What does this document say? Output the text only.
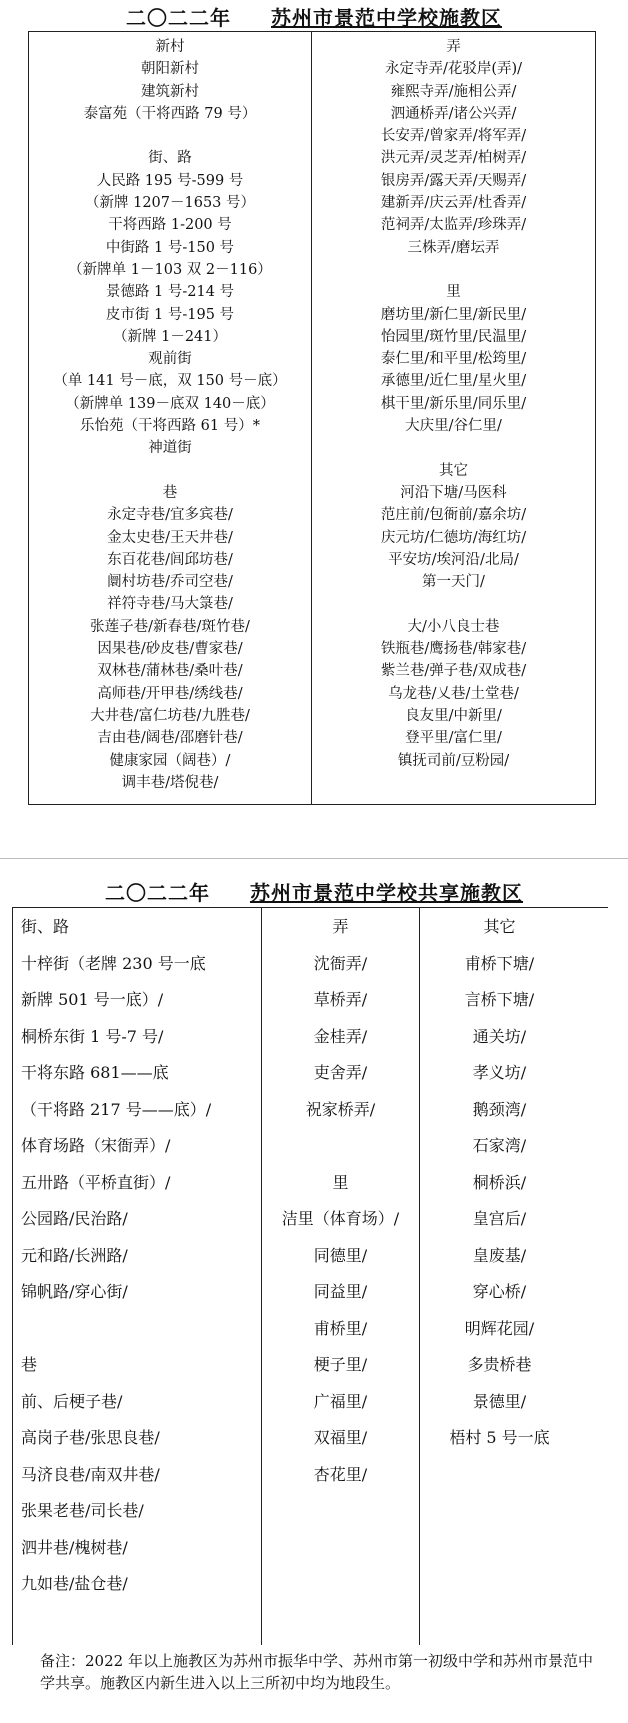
二〇二二年 苏州市景范中学校施教区
新村
朝阳新村
建筑新村
泰富苑（干将西路 79 号）
街、路
人民路 195 号-599 号
（新牌 1207－1653 号）
干将西路 1-200 号
中街路 1 号-150 号
（新牌单 1－103 双 2－116）
景德路 1 号-214 号
皮市街 1 号-195 号
（新牌 1－241）
观前街
（单 141 号－底，双 150 号－底）
（新牌单 139－底双 140－底）
乐怡苑（干将西路 61 号）*
神道街
巷
永定寺巷/宜多宾巷/
金太史巷/王天井巷/
东百花巷/闾邱坊巷/
阛村坊巷/乔司空巷/
祥符寺巷/马大箓巷/
张莲子巷/新春巷/斑竹巷/
因果巷/砂皮巷/曹家巷/
双林巷/蒲林巷/桑叶巷/
高师巷/开甲巷/绣线巷/
大井巷/富仁坊巷/九胜巷/
吉由巷/阔巷/邵磨针巷/
健康家园（阔巷）/
调丰巷/塔倪巷/
弄
永定寺弄/花驳岸(弄)/
雍熙寺弄/施相公弄/
泗通桥弄/诸公兴弄/
长安弄/曾家弄/将军弄/
洪元弄/灵芝弄/柏树弄/
银房弄/露天弄/天赐弄/
建新弄/庆云弄/杜香弄/
范祠弄/太监弄/珍珠弄/
三株弄/磨坛弄
里
磨坊里/新仁里/新民里/
怡园里/斑竹里/民温里/
泰仁里/和平里/松筠里/
承德里/近仁里/星火里/
棋干里/新乐里/同乐里/
大庆里/谷仁里/
其它
河沿下塘/马医科
范庄前/包衙前/嘉余坊/
庆元坊/仁德坊/海红坊/
平安坊/埃河沿/北局/
第一天门/
大/小八良士巷
铁瓶巷/鹰扬巷/韩家巷/
紫兰巷/弹子巷/双成巷/
乌龙巷/乂巷/土堂巷/
良友里/中新里/
登平里/富仁里/
镇抚司前/豆粉园/
二〇二二年 苏州市景范中学校共享施教区
街、路
十梓街（老牌 230 号一底
新牌 501 号一底）/
桐桥东街 1 号-7 号/
干将东路 681——底
（干将路 217 号——底）/
体育场路（宋衙弄）/
五卅路（平桥直街）/
公园路/民治路/
元和路/长洲路/
锦帆路/穿心街/
巷
前、后梗子巷/
高岗子巷/张思良巷/
马济良巷/南双井巷/
张果老巷/司长巷/
泗井巷/槐树巷/
九如巷/盐仓巷/
弄
沈衙弄/
草桥弄/
金桂弄/
吏舍弄/
祝家桥弄/
里
洁里（体育场）/
同德里/
同益里/
甫桥里/
梗子里/
广福里/
双福里/
杏花里/
其它
甫桥下塘/
言桥下塘/
通关坊/
孝义坊/
鹅颈湾/
石家湾/
桐桥浜/
皇宫后/
皇废基/
穿心桥/
明辉花园/
多贵桥巷
景德里/
梧村 5 号一底
备注：2022 年以上施教区为苏州市振华中学、苏州市第一初级中学和苏州市景范中学共享。施教区内新生进入以上三所初中均为地段生。
